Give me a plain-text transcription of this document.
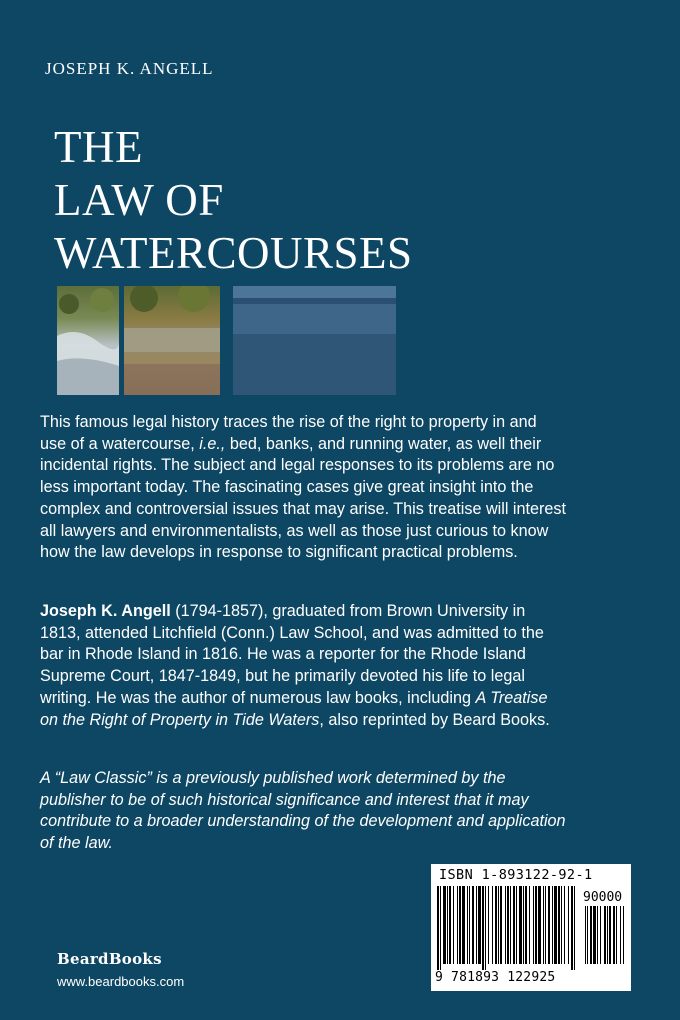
JOSEPH K. ANGELL
THE
LAW OF
WATERCOURSES
This famous legal history traces the rise of the right to property in and
use of a watercourse, i.e., bed, banks, and running water, as well their
incidental rights. The subject and legal responses to its problems are no
less important today. The fascinating cases give great insight into the
complex and controversial issues that may arise. This treatise will interest
all lawyers and environmentalists, as well as those just curious to know
how the law develops in response to significant practical problems.
Joseph K. Angell (1794-1857), graduated from Brown University in
1813, attended Litchfield (Conn.) Law School, and was admitted to the
bar in Rhode Island in 1816. He was a reporter for the Rhode Island
Supreme Court, 1847-1849, but he primarily devoted his life to legal
writing. He was the author of numerous law books, including A Treatise
on the Right of Property in Tide Waters, also reprinted by Beard Books.
A “Law Classic” is a previously published work determined by the
publisher to be of such historical significance and interest that it may
contribute to a broader understanding of the development and application
of the law.
BeardBooks
www.beardbooks.com
ISBN 1-893122-92-1
90000
9 781893 122925
